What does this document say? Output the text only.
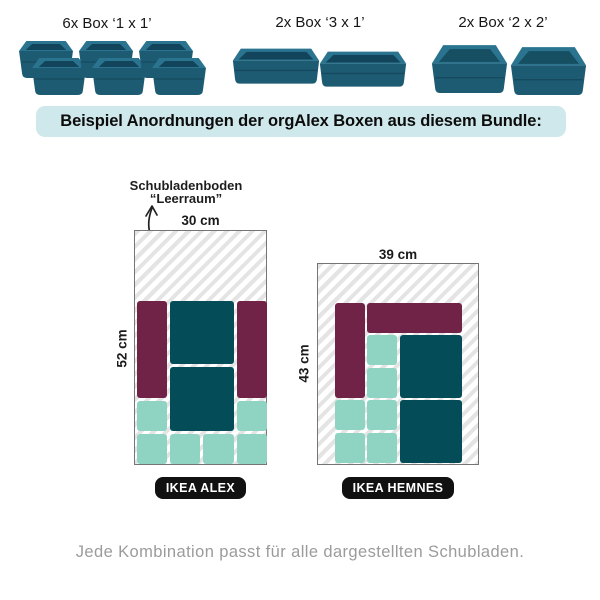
6x Box ‘1 x 1’	2x Box ‘3 x 1’	2x Box ‘2 x 2’
Beispiel Anordnungen der orgAlex Boxen aus diesem Bundle:
Schubladenboden
“Leerraum”
30 cm
52 cm
IKEA ALEX
39 cm
43 cm
IKEA HEMNES
Jede Kombination passt für alle dargestellten Schubladen.
